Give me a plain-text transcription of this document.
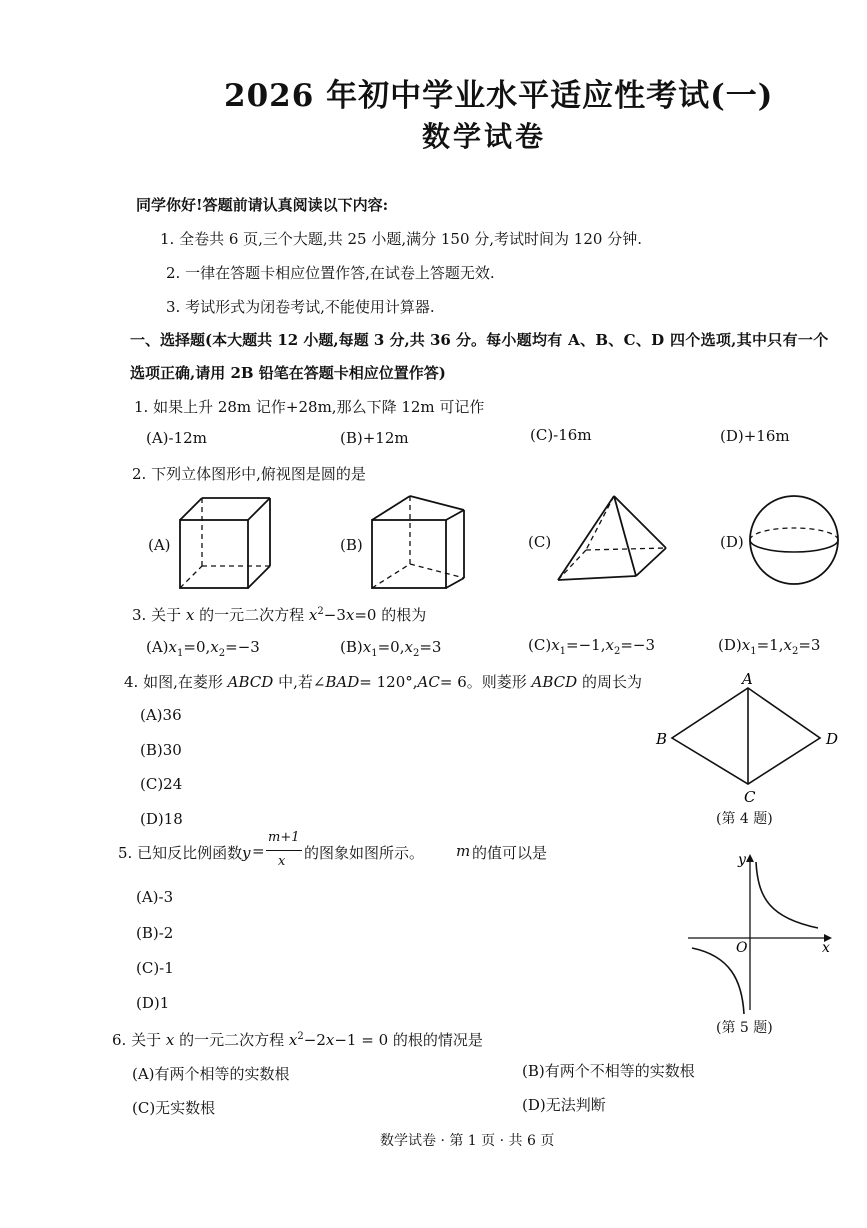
2026 年初中学业水平适应性考试(一)
数学试卷
同学你好!答题前请认真阅读以下内容:
1. 全卷共 6 页,三个大题,共 25 小题,满分 150 分,考试时间为 120 分钟.
2. 一律在答题卡相应位置作答,在试卷上答题无效.
3. 考试形式为闭卷考试,不能使用计算器.
一、选择题(本大题共 12 小题,每题 3 分,共 36 分。每小题均有 A、B、C、D 四个选项,其中只有一个
选项正确,请用 2B 铅笔在答题卡相应位置作答)
1. 如果上升 28m 记作+28m,那么下降 12m 可记作
(A)-12m	(B)+12m	(C)-16m	(D)+16m
2. 下列立体图形中,俯视图是圆的是
(A)	(B)	(C)	(D)
3. 关于 x 的一元二次方程 $x^2-3x=0$ 的根为
$(A)x_1=0,x_2=-3$	$(B)x_1=0,x_2=3$	$(C)x_1=-1,x_2=-3$	$(D)x_1=1,x_2=3$
4. 如图,在菱形 ABCD 中,若∠BAD= 120°,AC= 6。则菱形 ABCD 的周长为
(A)36
(B)30
(C)24
(D)18
A
B
C
D
(第 4 题)
5. 已知反比例函数 y =
m+1
x 的图象如图所示。 m 的值可以是
(A)-3
(B)-2
(C)-1
(D)1
y
x
O
(第 5 题)
6. 关于 x 的一元二次方程 $x^2-2x-1 = 0$ 的根的情况是
(A)有两个相等的实数根	(B)有两个不相等的实数根
(C)无实数根	(D)无法判断
数学试卷 · 第 1 页 · 共 6 页
